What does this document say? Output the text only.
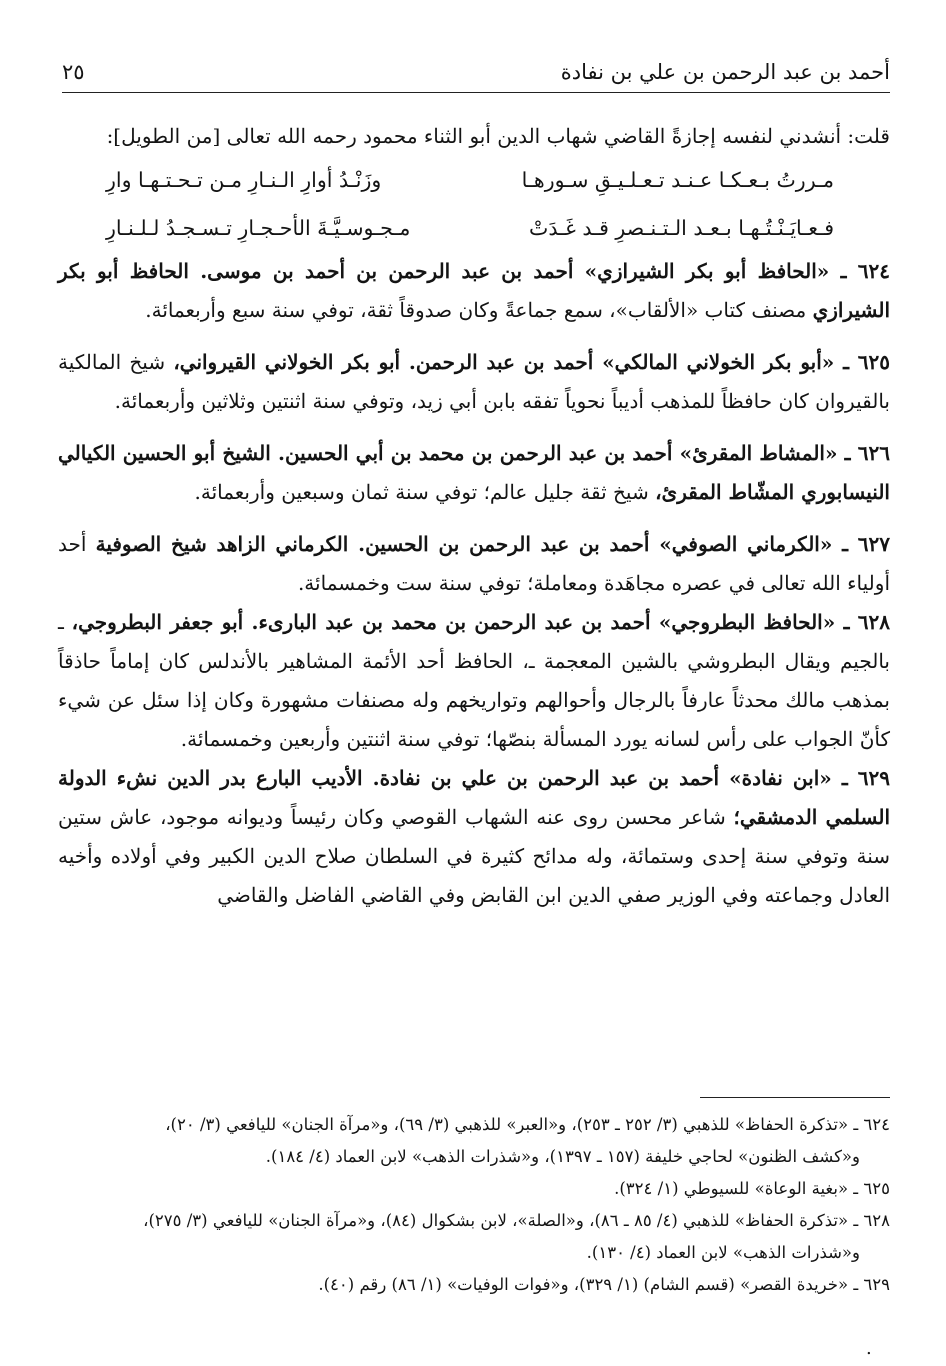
أحمد بن عبد الرحمن بن علي بن نفادة
٢٥

قلت: أنشدني لنفسه إجازةً القاضي شهاب الدين أبو الثناء محمود رحمه الله تعالى [من الطويل]:

مـررتُ بـعـكـا عـنـد تـعـلـيـقِ سـورهـا
وزَنْـدُ أوارِ الـنـارِ مـن تـحـتـهـا وارِ
فـعـايَـنْـتُـهـا بـعـد الـتـنـصرِ قـد غَـدَتْ
مـجـوسـيَّـةَ الأحـجـارِ تـسـجـدُ لـلـنـارِ

٦٢٤ ـ «الحافظ أبو بكر الشيرازي» أحمد بن عبد الرحمن بن أحمد بن موسى. الحافظ أبو بكر الشيرازي مصنف كتاب «الألقاب»، سمع جماعةً وكان صدوقاً ثقة، توفي سنة سبع وأربعمائة.

٦٢٥ ـ «أبو بكر الخولاني المالكي» أحمد بن عبد الرحمن. أبو بكر الخولاني القيرواني، شيخ المالكية بالقيروان كان حافظاً للمذهب أديباً نحوياً تفقه بابن أبي زيد، وتوفي سنة اثنتين وثلاثين وأربعمائة.

٦٢٦ ـ «المشاط المقرئ» أحمد بن عبد الرحمن بن محمد بن أبي الحسين. الشيخ أبو الحسين الكيالي النيسابوري المشّاط المقرئ، شيخ ثقة جليل عالم؛ توفي سنة ثمان وسبعين وأربعمائة.

٦٢٧ ـ «الكرماني الصوفي» أحمد بن عبد الرحمن بن الحسين. الكرماني الزاهد شيخ الصوفية أحد أولياء الله تعالى في عصره مجاهَدة ومعاملة؛ توفي سنة ست وخمسمائة.

٦٢٨ ـ «الحافظ البطروجي» أحمد بن عبد الرحمن بن محمد بن عبد البارىء. أبو جعفر البطروجي، ـ بالجيم ويقال البطروشي بالشين المعجمة ـ، الحافظ أحد الأئمة المشاهير بالأندلس كان إماماً حاذقاً بمذهب مالك محدثاً عارفاً بالرجال وأحوالهم وتواريخهم وله مصنفات مشهورة وكان إذا سئل عن شيء كأنّ الجواب على رأس لسانه يورد المسألة بنصّها؛ توفي سنة اثنتين وأربعين وخمسمائة.

٦٢٩ ـ «ابن نفادة» أحمد بن عبد الرحمن بن علي بن نفادة. الأديب البارع بدر الدين نشء الدولة السلمي الدمشقي؛ شاعر محسن روى عنه الشهاب القوصي وكان رئيساً وديوانه موجود، عاش ستين سنة وتوفي سنة إحدى وستمائة، وله مدائح كثيرة في السلطان صلاح الدين الكبير وفي أولاده وأخيه العادل وجماعته وفي الوزير صفي الدين ابن القابض وفي القاضي الفاضل والقاضي

٦٢٤ ـ «تذكرة الحفاظ» للذهبي (٣/ ٢٥٢ ـ ٢٥٣)، و«العبر» للذهبي (٣/ ٦٩)، و«مرآة الجنان» لليافعي (٣/ ٢٠)،
و«كشف الظنون» لحاجي خليفة (١٥٧ ـ ١٣٩٧)، و«شذرات الذهب» لابن العماد (٤/ ١٨٤).

٦٢٥ ـ «بغية الوعاة» للسيوطي (١/ ٣٢٤).

٦٢٨ ـ «تذكرة الحفاظ» للذهبي (٤/ ٨٥ ـ ٨٦)، و«الصلة»، لابن بشكوال (٨٤)، و«مرآة الجنان» لليافعي (٣/ ٢٧٥)،
و«شذرات الذهب» لابن العماد (٤/ ١٣٠).

٦٢٩ ـ «خريدة القصر» (قسم الشام) (١/ ٣٢٩)، و«فوات الوفيات» (١/ ٨٦) رقم (٤٠).

.
